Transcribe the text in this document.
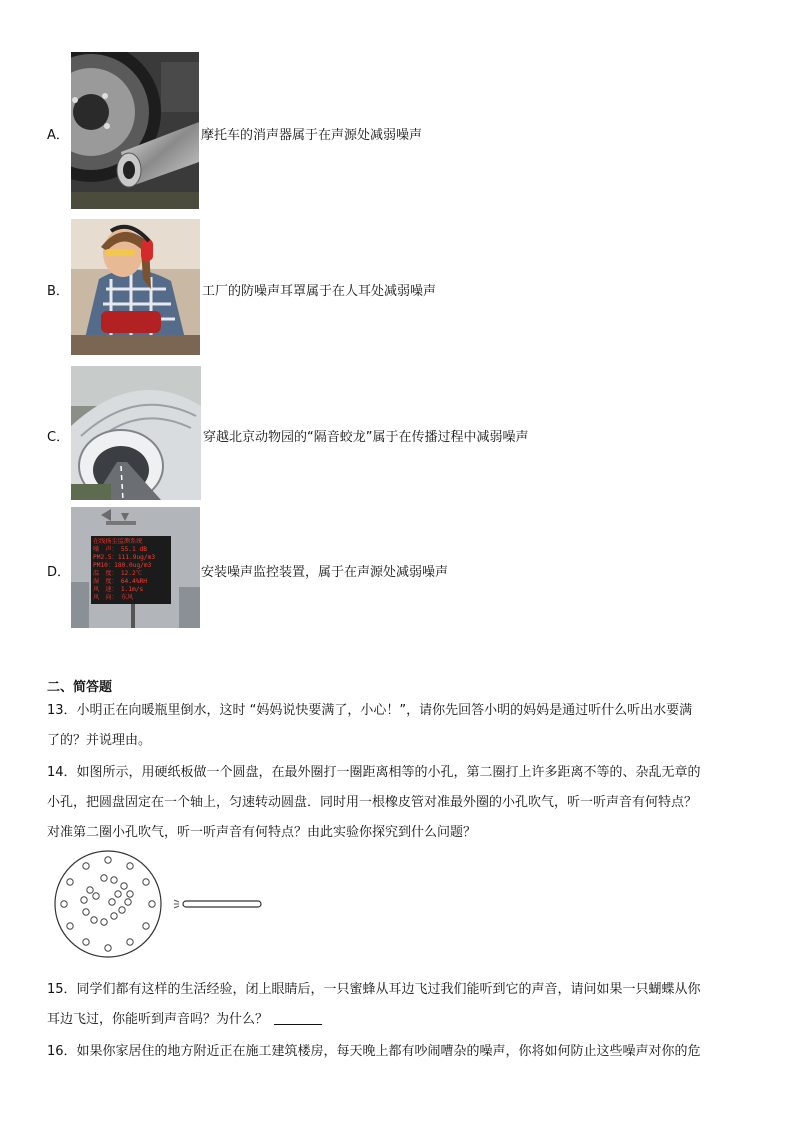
A．	摩托车的消声器属于在声源处减弱噪声
B．	工厂的防噪声耳罩属于在人耳处减弱噪声
C．	穿越北京动物园的“隔音蛟龙”属于在传播过程中减弱噪声
D．
在线扬尘监测系统
噪　声：　55.1 dB
PM2.5：111.9ug/m3
PM10：180.0ug/m3
温　度：　12.2℃
湿　度：　64.4%RH
风　速：　1.1m/s
风　向：　东风
安装噪声监控装置，属于在声源处减弱噪声
二、简答题
13．小明正在向暖瓶里倒水，这时 “妈妈说快要满了，小心！”，请你先回答小明的妈妈是通过听什么听出水要满
了的？并说理由。
14．如图所示，用硬纸板做一个圆盘，在最外圈打一圈距离相等的小孔，第二圈打上许多距离不等的、杂乱无章的
小孔，把圆盘固定在一个轴上，匀速转动圆盘．同时用一根橡皮管对准最外圈的小孔吹气，听一听声音有何特点？
对准第二圈小孔吹气，听一听声音有何特点？由此实验你探究到什么问题？
15．同学们都有这样的生活经验，闭上眼睛后，一只蜜蜂从耳边飞过我们能听到它的声音，请问如果一只蝴蝶从你
耳边飞过，你能听到声音吗？为什么？
16．如果你家居住的地方附近正在施工建筑楼房，每天晚上都有吵闹嘈杂的噪声，你将如何防止这些噪声对你的危
